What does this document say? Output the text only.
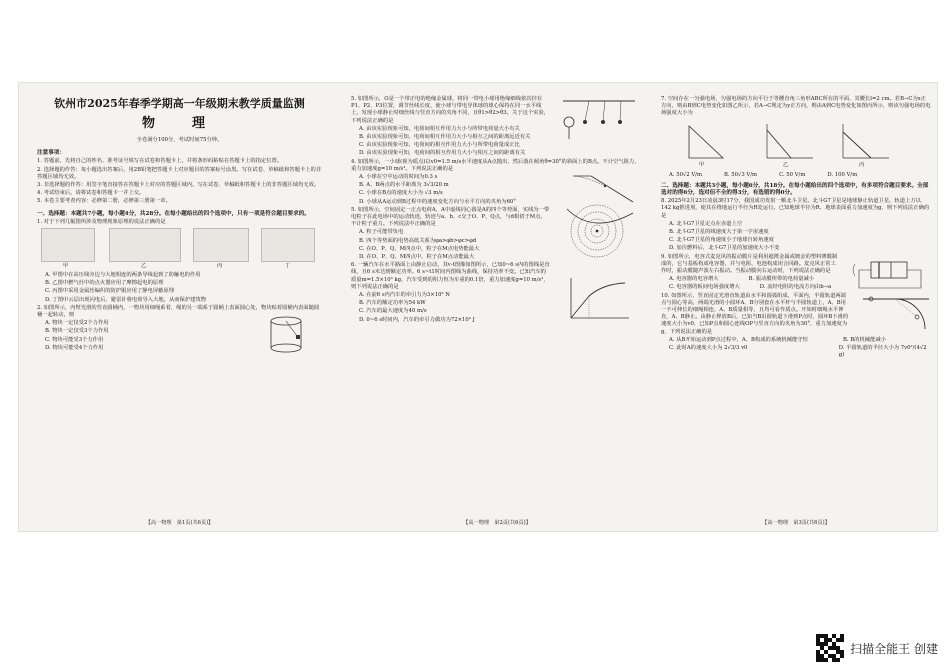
钦州市2025年春季学期高一年级期末教学质量监测
物　理
全卷满分100分，考试时间75分钟。
注意事项：
1. 答题前，先将自己的姓名、准考证号填写在试卷和答题卡上，并将条形码粘贴在答题卡上的指定位置。
2. 选择题的作答：每小题选出答案后，用2B铅笔把答题卡上对应题目的答案标号涂黑。写在试卷、草稿纸和答题卡上的非答题区域均无效。
3. 非选择题的作答：用签字笔直接答在答题卡上对应的答题区域内。写在试卷、草稿纸和答题卡上的非答题区域均无效。
4. 考试结束后，请将试卷和答题卡一并上交。
5. 本卷主要考查内容：必修第二册，必修第三册第一章。
一、选择题：本题共7小题，每小题4分，共28分。在每小题给出的四个选项中，只有一项是符合题目要求的。
1. 对于下列几幅图所涉及物理现象原理的说法正确的是
甲	乙	丙	丁
A. 甲图中在高压线旁边与大地相连的两条导线起到了防触电的作用
B. 乙图中燃气灶中的点火器应用了摩擦起电的原理
C. 丙图中采用金属丝编织的防护服应用了静电屏蔽原理
D. 丁图中云层出现闪电后，避雷针将电荷导入大地，从而保护建筑物
2. 如图所示，内壁光滑的竖直圆桶内，一物块用细绳系着，绳的另一端系于圆桶上表面圆心处，物块贴着圆桶内表面随圆桶一起转动，则
A. 物块一定仅受2个力作用
B. 物块一定仅受3个力作用
C. 物块可能受3个力作用
D. 物块可能受4个力作用
【高一物理　第1页(共6页)】
5. 如图所示，O是一个带正电的绝缘金属球，将同一带电小球用绝缘细线依次挂在P1、P2、P3位置，调节丝线长度，使小球与带电导体球的球心保持在同一水平线上，发现小球静止时细丝线与竖直方向的夹角不同，且θ1>θ2>θ3。关于这个实验，下列说法正确的是
A. 由该实验现象可知，电荷间相互作用力大小与所带电荷量大小有关
B. 由该实验现象可知，电荷间相互作用力大小与相互之间的距离远近有关
C. 由该实验现象可知，电荷间的相互作用力大小与所带电荷量成正比
D. 由该实验现象可知，电荷间的相互作用力大小与相互之间的距离有关
4. 如图所示，一小球(视为质点)以v0=1.5 m/s水平速度从A点抛出，然后落在倾角θ=30°的斜面上的B点。不计空气阻力，重力加速度g=10 m/s²。下列说法正确的是
A. 小球在空中运动的时间为0.3 s
B. A、B两点的水平距离为 3√3/20 m
C. 小球在B点的速度大小为 √3 m/s
D. 小球从A运动到B过程中的速度变化方向与水平方向的夹角为60°
5. 如图所示，空间固定一正点电荷A，A中虚线同心圆是A的四个等势面，实线为一带电粒子在此电场中的运动轨迹，轨迹与a、b、c交于O、P、Q点，与d相切于M点，不计粒子重力。下列说法中正确的是
A. 粒子可能带负电
B. 四个等势面的电势高低关系为φa>φb>φc>φd
C. 在O、P、Q、M四点中，粒子在M点电势能最大
D. 在O、P、Q、M四点中，粒子在M点动能最大
6. 一辆汽车在水平路面上由静止启动，其v-t图像如图所示，已知0~6 s内的图线是直线，且6 s末达到额定功率。6 s~t1时间内图线为曲线，保持功率不变。已知汽车的质量m=1.5×10³ kg，汽车受到的阻力恒为车重的0.1倍，重力加速度g=10 m/s²，则下列说法正确的是
A. 在前6 s内汽车的牵引力为3×10³ N
B. 汽车的额定功率为54 kW
C. 汽车的最大速度为40 m/s
D. 0~6 s时间内，汽车的牵引力做功为72×10³ J
【高一物理　第2页(共6页)】
7. 空间存在一匀强电场，匀强电场的方向平行于等腰直角三角形ABC所在的平面，其腰长l=2 cm。若B→C为x正方向，则由B到C电势变化如图乙所示，若A→C规定为y正方向，则由A到C电势变化如图丙所示，则该匀强电场的电场强度大小为
甲	乙	丙
A. 50√2 V/m	B. 50√3 V/m	C. 50 V/m	D. 100 V/m
二、选择题：本题共3小题，每小题6分，共18分。在每小题给出的四个选项中，有多项符合题目要求。全部选对的得6分，选对但不全的得3分，有选错的得0分。
8. 2025年2月23日凌晨3时17分，我国成功发射一颗北斗卫星。北斗G7卫星是地球静止轨道卫星，轨道上方以142 kg推进剂，使其在绕地运行半径为R处运行。已知地球半径为R、地球表面重力加速度为g，则下列说法正确的是
A. 北斗G7卫星定点在赤道上空
B. 北斗G7卫星的线速度大于第一宇宙速度
C. 北斗G7卫星的角速度小于地球自转角速度
D. 加注燃料后，北斗G7卫星的加速度大小不变
9. 如图所示，电容式麦克风的振动膜片是利用超薄金属或镀金的塑料薄膜制成的，它与基板构成电容器，并与电阻、电池构成闭合回路。麦克风正常工作时，振动膜随声波左右振动。当振动膜向右运动时，下列说法正确的是
A. 电容器的电容增大	B. 振动膜所带的电荷量减小
C. 电容器的板间电场强度增大	D. 流经电阻的电流方向由b→a
10. 如图所示，竖直固定光滑直轨道由水平和圆弧组成，平面内，半圆轨道两端点与圆心等高，两端光滑的小圆环A、B分别套在水平杆与半圆轨道上，A、B用一不可伸长的细绳相连，A、B质量相等，且均可看作质点。开始时细绳水平伸直，A、B静止。由静止释放B后，已知当B沿圆轨道下滑到P点时，圆环B下滑的速度大小为v0，已知P点和圆心连线OP与竖直方向的夹角为30°，重力加速度为g，下列说法正确的是
A. 从B开始运动到P点过程中，A、B构成的系统机械能守恒	B. B的机械能减小
C. 此时A的速度大小为 2√3/3 v0	D. 半圆轨道的半径大小为 7v0²/(4√2 g)
【高一物理　第3页(共6页)】
扫描全能王 创建
